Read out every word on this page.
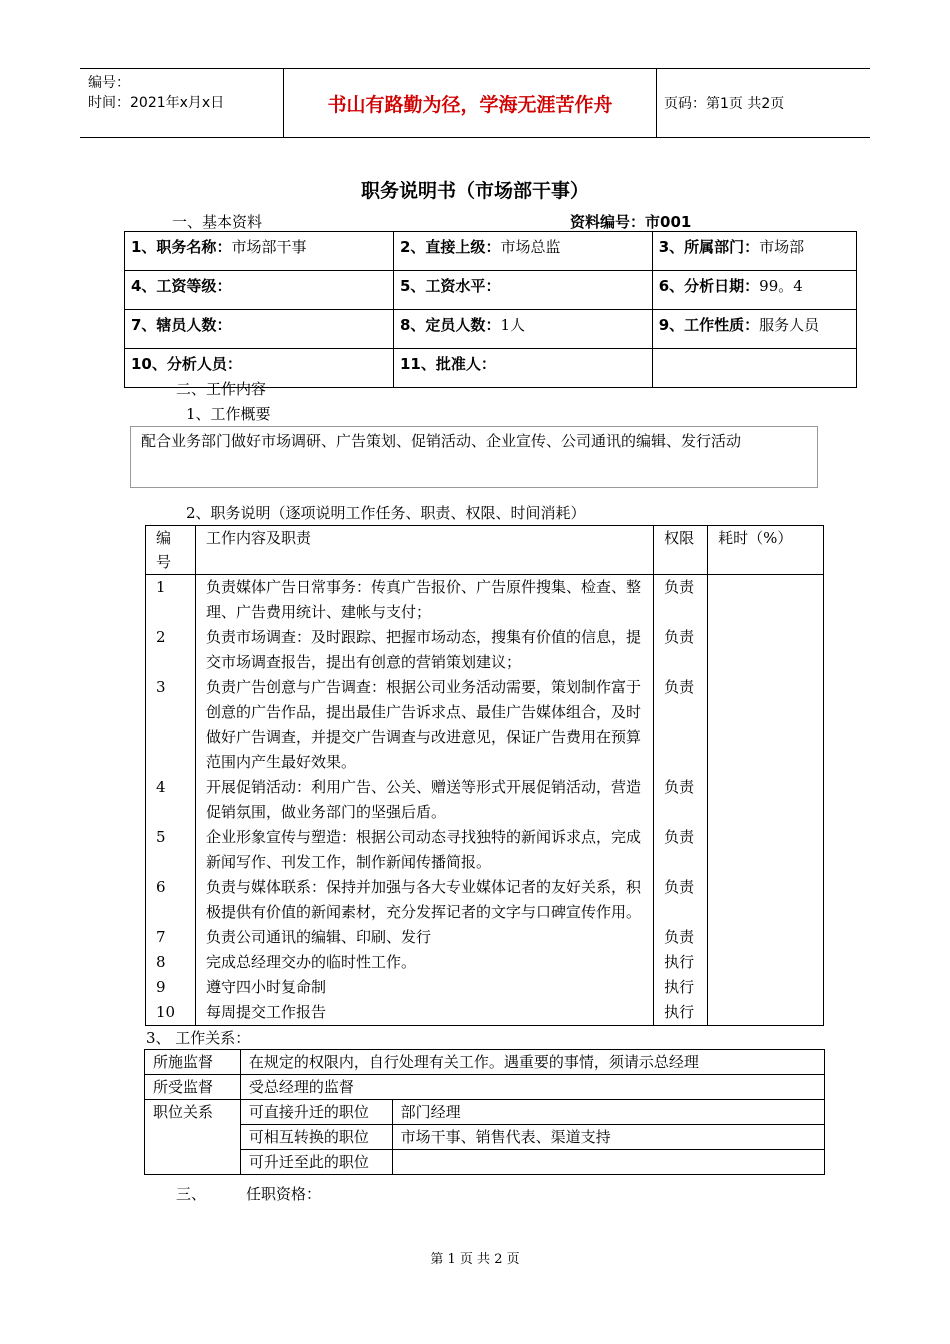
编号：
时间：2021年x月x日	书山有路勤为径，学海无涯苦作舟	页码：第1页 共2页
职务说明书（市场部干事）
一、基本资料	资料编号：市001
1、职务名称：市场部干事	2、直接上级：市场总监	3、所属部门：市场部
4、工资等级：	5、工资水平：	6、分析日期：99。4
7、辖员人数：	8、定员人数：1人	9、工作性质：服务人员
10、分析人员：	11、批准人：	
二、工作内容
1、工作概要
配合业务部门做好市场调研、广告策划、促销活动、企业宣传、公司通讯的编辑、发行活动
2、职务说明（逐项说明工作任务、职责、权限、时间消耗）
编号	工作内容及职责	权限	耗时（%）
1	负责媒体广告日常事务：传真广告报价、广告原件搜集、检查、整理、广告费用统计、建帐与支付；	负责	
2	负责市场调查：及时跟踪、把握市场动态，搜集有价值的信息，提交市场调查报告，提出有创意的营销策划建议；	负责	
3	负责广告创意与广告调查：根据公司业务活动需要，策划制作富于创意的广告作品，提出最佳广告诉求点、最佳广告媒体组合，及时做好广告调查，并提交广告调查与改进意见，保证广告费用在预算范围内产生最好效果。	负责	
4	开展促销活动：利用广告、公关、赠送等形式开展促销活动，营造促销氛围，做业务部门的坚强后盾。	负责	
5	企业形象宣传与塑造：根据公司动态寻找独特的新闻诉求点，完成新闻写作、刊发工作，制作新闻传播简报。	负责	
6	负责与媒体联系：保持并加强与各大专业媒体记者的友好关系，积极提供有价值的新闻素材，充分发挥记者的文字与口碑宣传作用。	负责	
7	负责公司通讯的编辑、印刷、发行	负责	
8	完成总经理交办的临时性工作。	执行	
9	遵守四小时复命制	执行	
10	每周提交工作报告	执行	
3、 工作关系：
所施监督	在规定的权限内，自行处理有关工作。遇重要的事情，须请示总经理	
所受监督	受总经理的监督	
职位关系	可直接升迁的职位	部门经理
	可相互转换的职位	市场干事、销售代表、渠道支持
	可升迁至此的职位	
三、	任职资格：
第 1 页 共 2 页
